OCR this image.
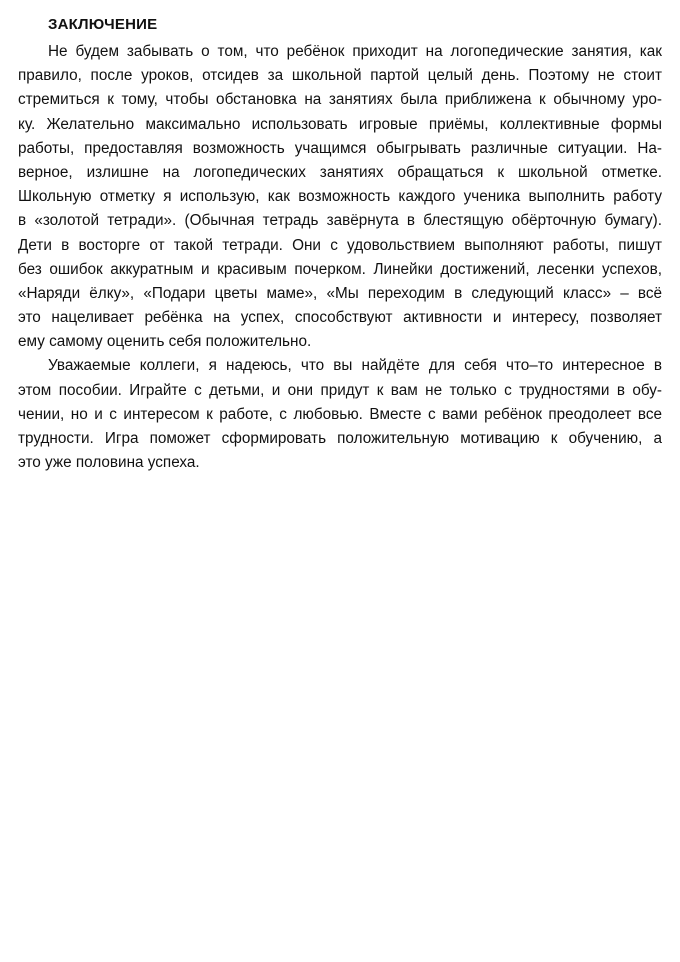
ЗАКЛЮЧЕНИЕ
Не будем забывать о том, что ребёнок приходит на логопедические занятия, как
правило, после уроков, отсидев за школьной партой целый день. Поэтому не стоит
стремиться к тому, чтобы обстановка на занятиях была приближена к обычному уро-
ку. Желательно максимально использовать игровые приёмы, коллективные формы
работы, предоставляя возможность учащимся обыгрывать различные ситуации. На-
верное, излишне на логопедических занятиях обращаться к школьной отметке.
Школьную отметку я использую, как возможность каждого ученика выполнить работу
в «золотой тетради». (Обычная тетрадь завёрнута в блестящую обёрточную бумагу).
Дети в восторге от такой тетради. Они с удовольствием выполняют работы, пишут
без ошибок аккуратным и красивым почерком. Линейки достижений, лесенки успехов,
«Наряди ёлку», «Подари цветы маме», «Мы переходим в следующий класс» – всё
это нацеливает ребёнка на успех, способствуют активности и интересу, позволяет
ему самому оценить себя положительно.
Уважаемые коллеги, я надеюсь, что вы найдёте для себя что–то интересное в
этом пособии. Играйте с детьми, и они придут к вам не только с трудностями в обу-
чении, но и с интересом к работе, с любовью. Вместе с вами ребёнок преодолеет все
трудности. Игра поможет сформировать положительную мотивацию к обучению, а
это уже половина успеха.
